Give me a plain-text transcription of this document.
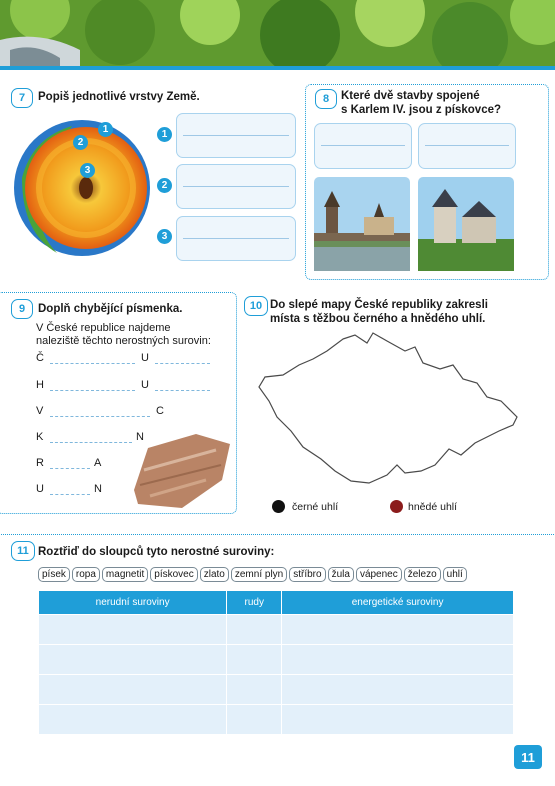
7	Popiš jednotlivé vrstvy Země.
1
2
3
1
2
3
8	Které dvě stavby spojené
s Karlem IV. jsou z pískovce?
9	Doplň chybějící písmenka.
V České republice najdeme
naleziště těchto nerostných surovin:
Č	U
H	U
V	C
K	N
R	A
U	N
10 Do slepé mapy České republiky zakresli
místa s těžbou černého a hnědého uhlí.
černé uhlí	hnědé uhlí
11 Roztřiď do sloupců tyto nerostné suroviny:
písek ropa magnetit pískovec zlato zemní plyn stříbro žula vápenec železo uhlí
nerudní suroviny	rudy	energetické suroviny

11
